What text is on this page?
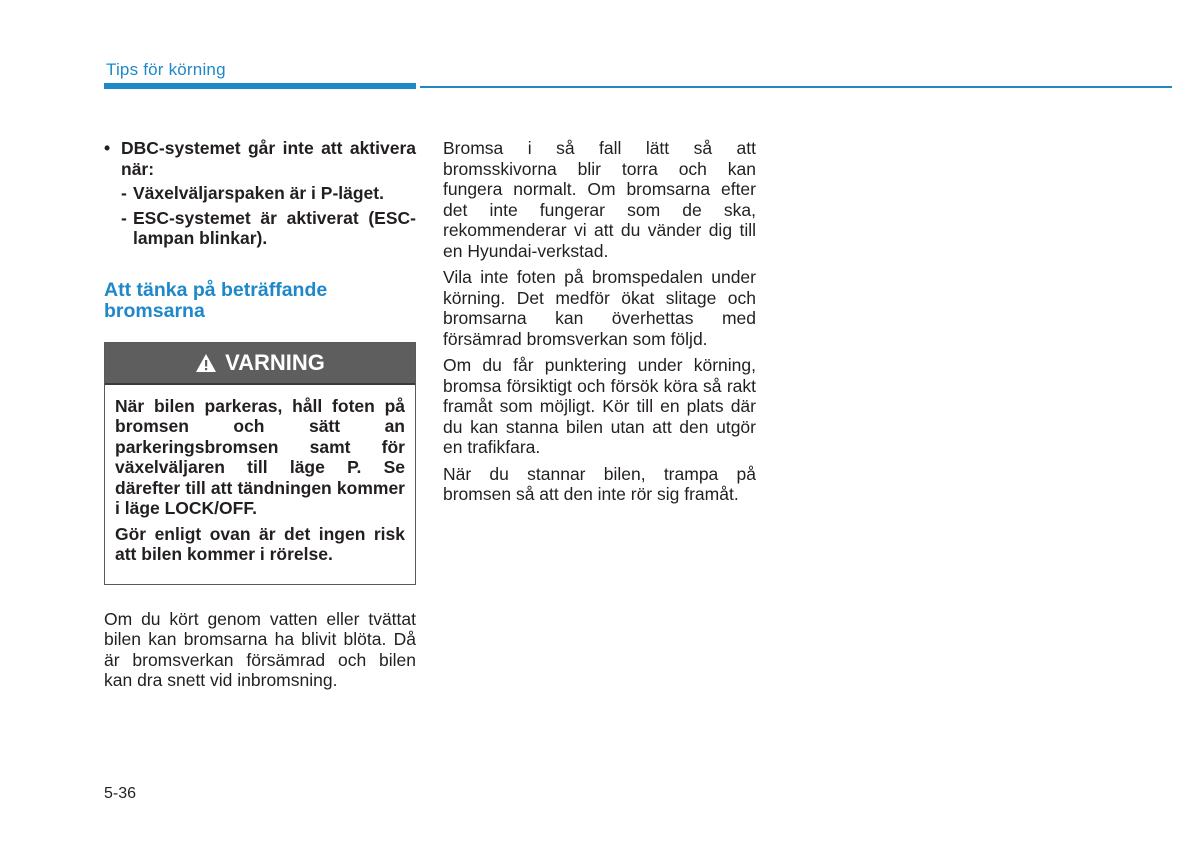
Tips för körning
• DBC-systemet går inte att aktivera när:
- Växelväljarspaken är i P-läget.
- ESC-systemet är aktiverat (ESC-lampan blinkar).
Att tänka på beträffande bromsarna
VARNING

När bilen parkeras, håll foten på bromsen och sätt an parkeringsbromsen samt för växelväljaren till läge P. Se därefter till att tändningen kommer i läge LOCK/OFF.

Gör enligt ovan är det ingen risk att bilen kommer i rörelse.

Om du kört genom vatten eller tvättat bilen kan bromsarna ha blivit blöta. Då är bromsverkan försämrad och bilen kan dra snett vid inbromsning.

Bromsa i så fall lätt så att bromsskivorna blir torra och kan fungera normalt. Om bromsarna efter det inte fungerar som de ska, rekommenderar vi att du vänder dig till en Hyundai-verkstad.

Vila inte foten på bromspedalen under körning. Det medför ökat slitage och bromsarna kan överhettas med försämrad bromsverkan som följd.

Om du får punktering under körning, bromsa försiktigt och försök köra så rakt framåt som möjligt. Kör till en plats där du kan stanna bilen utan att den utgör en trafikfara.

När du stannar bilen, trampa på bromsen så att den inte rör sig framåt.

5-36
